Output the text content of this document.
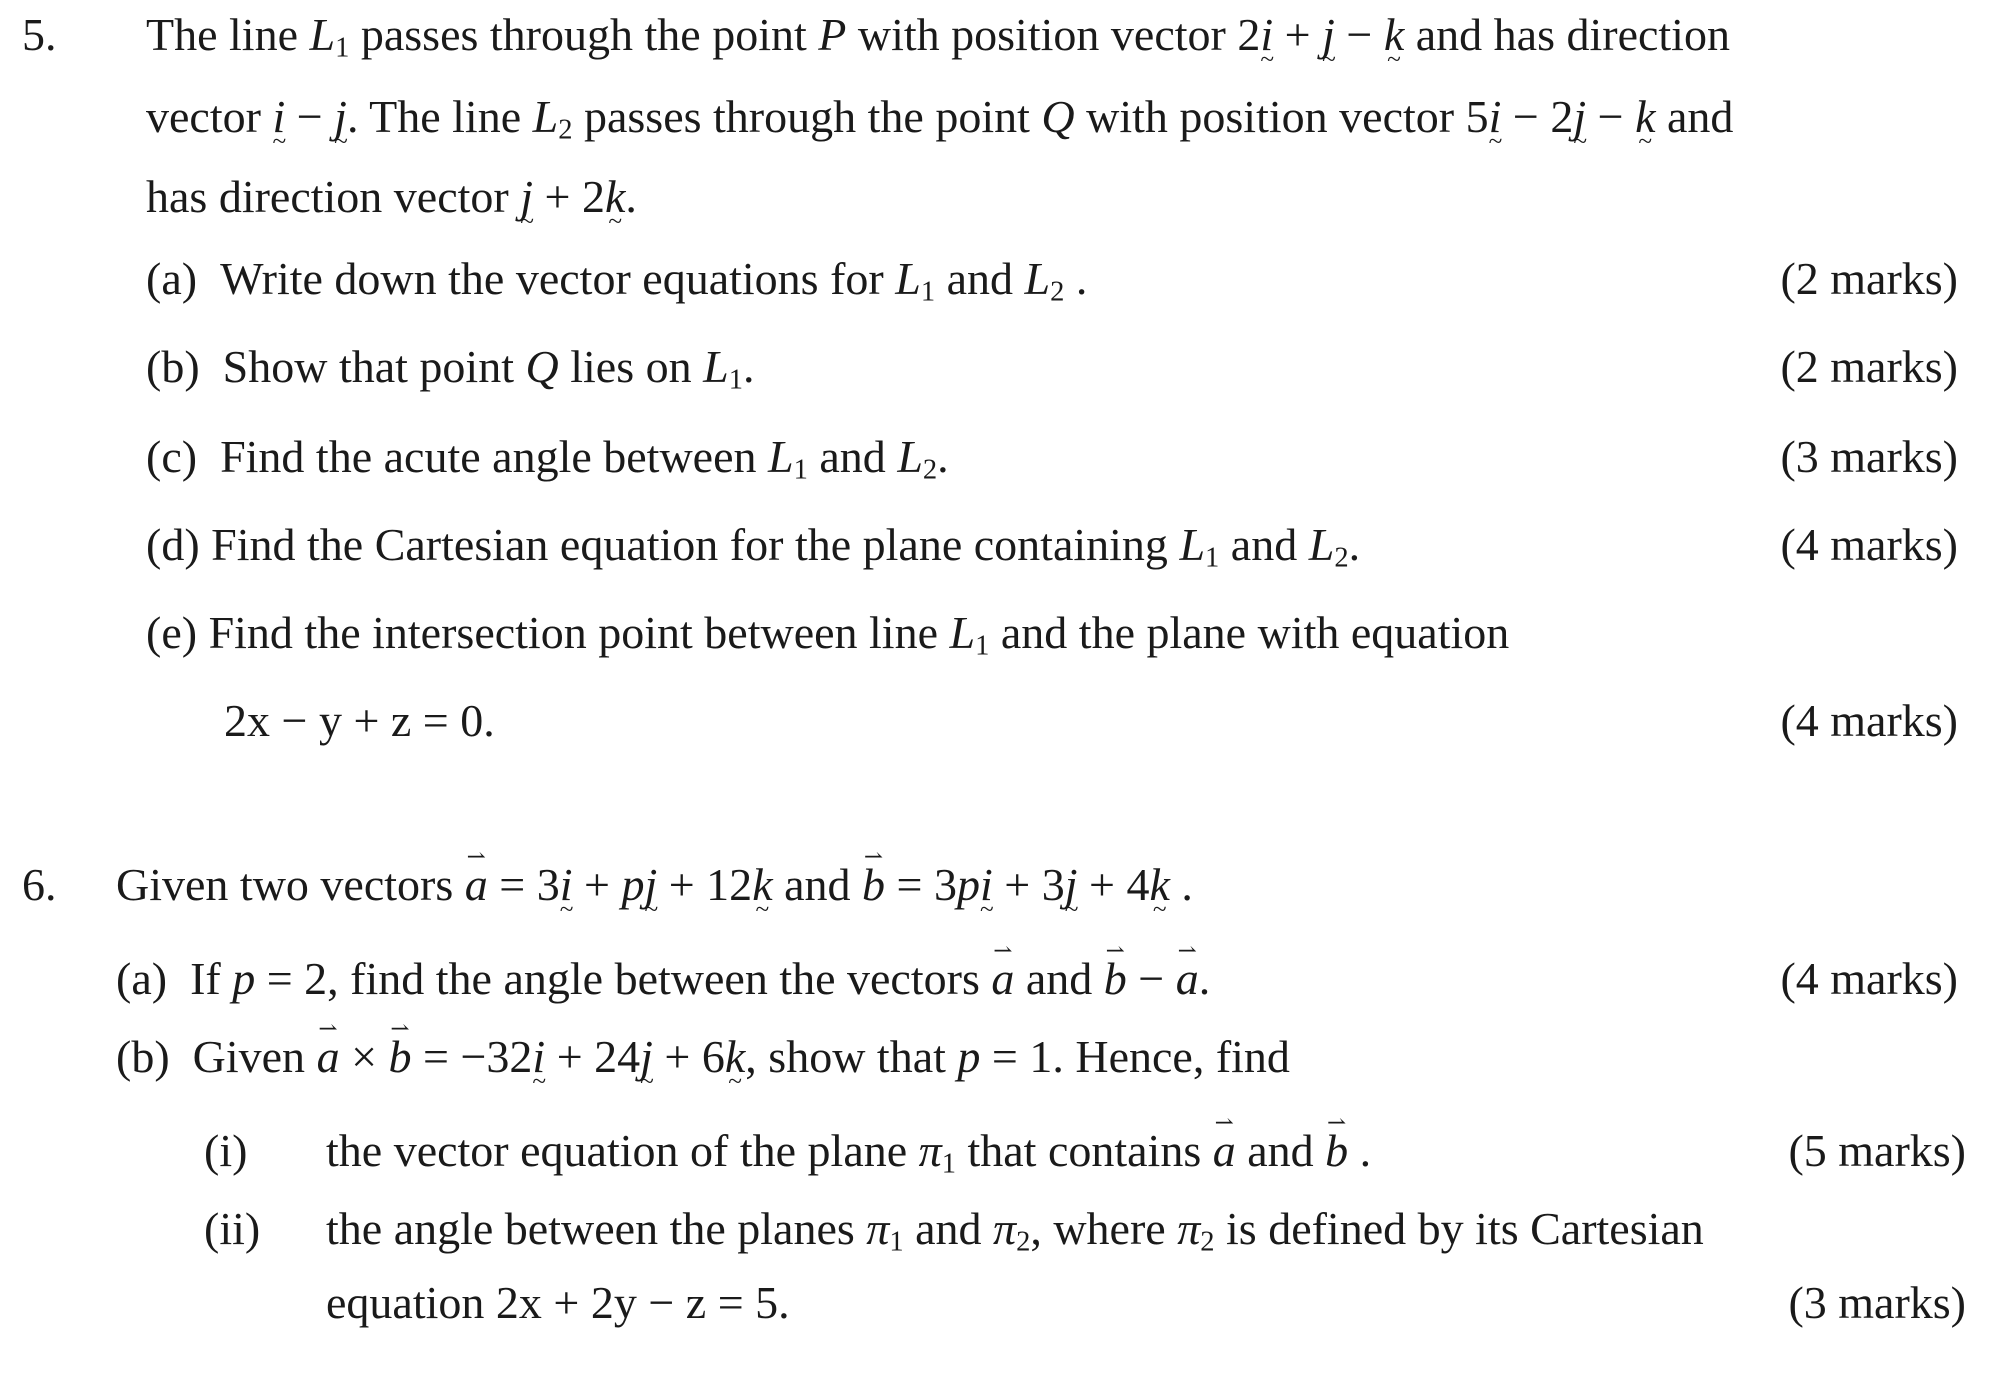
5. The line $L_1$ passes through the point P with position vector 2i ~ + j ~ − k ~ and has direction
vector i ~ − j ~. The line $L_2$ passes through the point Q with position vector 5i ~ − 2j ~ − k ~ and
has direction vector j ~ + 2k ~.
(a) Write down the vector equations for $L_1$ and $L_2$ .	(2 marks)
(b) Show that point Q lies on $L_1$.	(2 marks)
(c) Find the acute angle between $L_1$ and $L_2$.	(3 marks)
(d) Find the Cartesian equation for the plane containing $L_1$ and $L_2$.	(4 marks)
(e) Find the intersection point between line $L_1$ and the plane with equation
2x − y + z = 0.	(4 marks)
6. Given two vectors ⇀ a = 3i ~ + pj ~ + 12k ~ and ⇀ b = 3pi ~ + 3j ~ + 4k ~ .
(a) If p = 2, find the angle between the vectors ⇀ a and ⇀ b − ⇀ a.	(4 marks)
(b) Given ⇀ a × ⇀ b = −32i ~ + 24j ~ + 6k ~, show that p = 1. Hence, find
(i) the vector equation of the plane $\pi_1$ that contains ⇀ a and ⇀ b .	(5 marks)
(ii) the angle between the planes $\pi_1$ and $\pi_2$, where $\pi_2$ is defined by its Cartesian
equation 2x + 2y − z = 5.	(3 marks)
